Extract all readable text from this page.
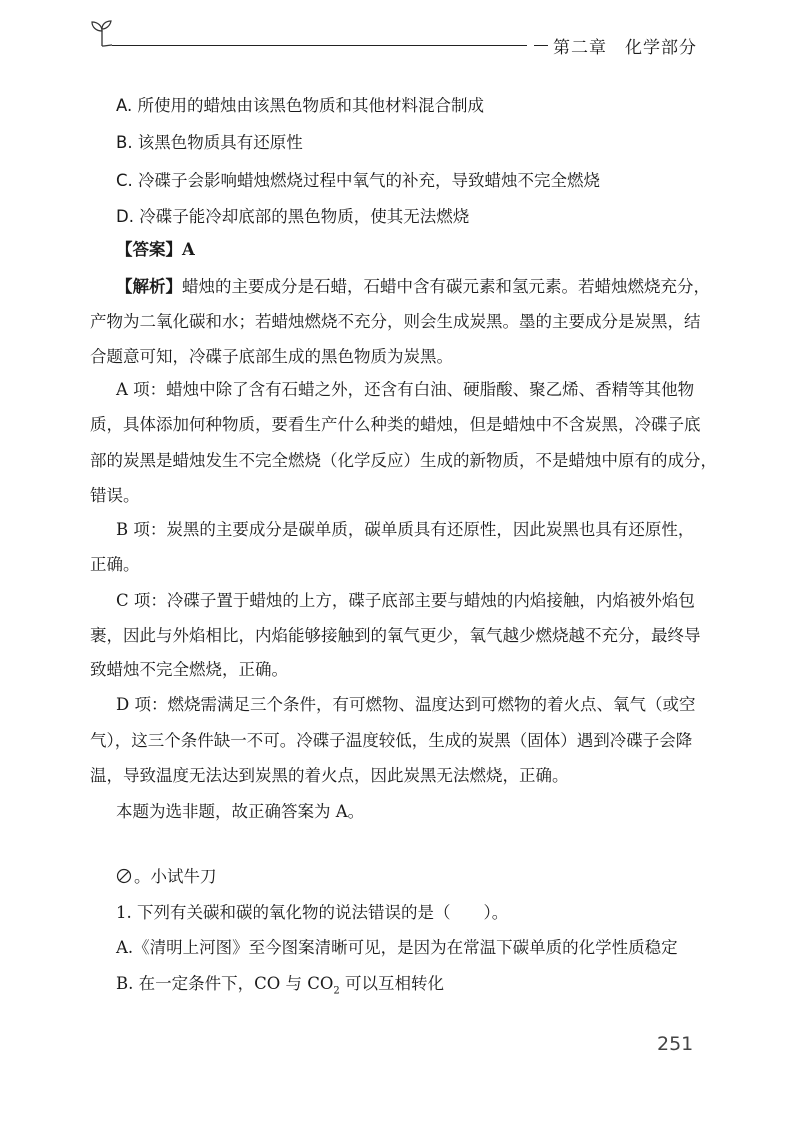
第二章　化学部分
A. 所使用的蜡烛由该黑色物质和其他材料混合制成
B. 该黑色物质具有还原性
C. 冷碟子会影响蜡烛燃烧过程中氧气的补充，导致蜡烛不完全燃烧
D. 冷碟子能冷却底部的黑色物质，使其无法燃烧
【答案】A
【解析】蜡烛的主要成分是石蜡，石蜡中含有碳元素和氢元素。若蜡烛燃烧充分，
产物为二氧化碳和水；若蜡烛燃烧不充分，则会生成炭黑。墨的主要成分是炭黑，结
合题意可知，冷碟子底部生成的黑色物质为炭黑。
A 项：蜡烛中除了含有石蜡之外，还含有白油、硬脂酸、聚乙烯、香精等其他物
质，具体添加何种物质，要看生产什么种类的蜡烛，但是蜡烛中不含炭黑，冷碟子底
部的炭黑是蜡烛发生不完全燃烧（化学反应）生成的新物质，不是蜡烛中原有的成分，
错误。
B 项：炭黑的主要成分是碳单质，碳单质具有还原性，因此炭黑也具有还原性，
正确。
C 项：冷碟子置于蜡烛的上方，碟子底部主要与蜡烛的内焰接触，内焰被外焰包
裹，因此与外焰相比，内焰能够接触到的氧气更少，氧气越少燃烧越不充分，最终导
致蜡烛不完全燃烧，正确。
D 项：燃烧需满足三个条件，有可燃物、温度达到可燃物的着火点、氧气（或空
气），这三个条件缺一不可。冷碟子温度较低，生成的炭黑（固体）遇到冷碟子会降
温，导致温度无法达到炭黑的着火点，因此炭黑无法燃烧，正确。
本题为选非题，故正确答案为 A。
。小试牛刀
1. 下列有关碳和碳的氧化物的说法错误的是（　　）。
A.《清明上河图》至今图案清晰可见，是因为在常温下碳单质的化学性质稳定
B. 在一定条件下，CO 与 $CO_2$ 可以互相转化
251
